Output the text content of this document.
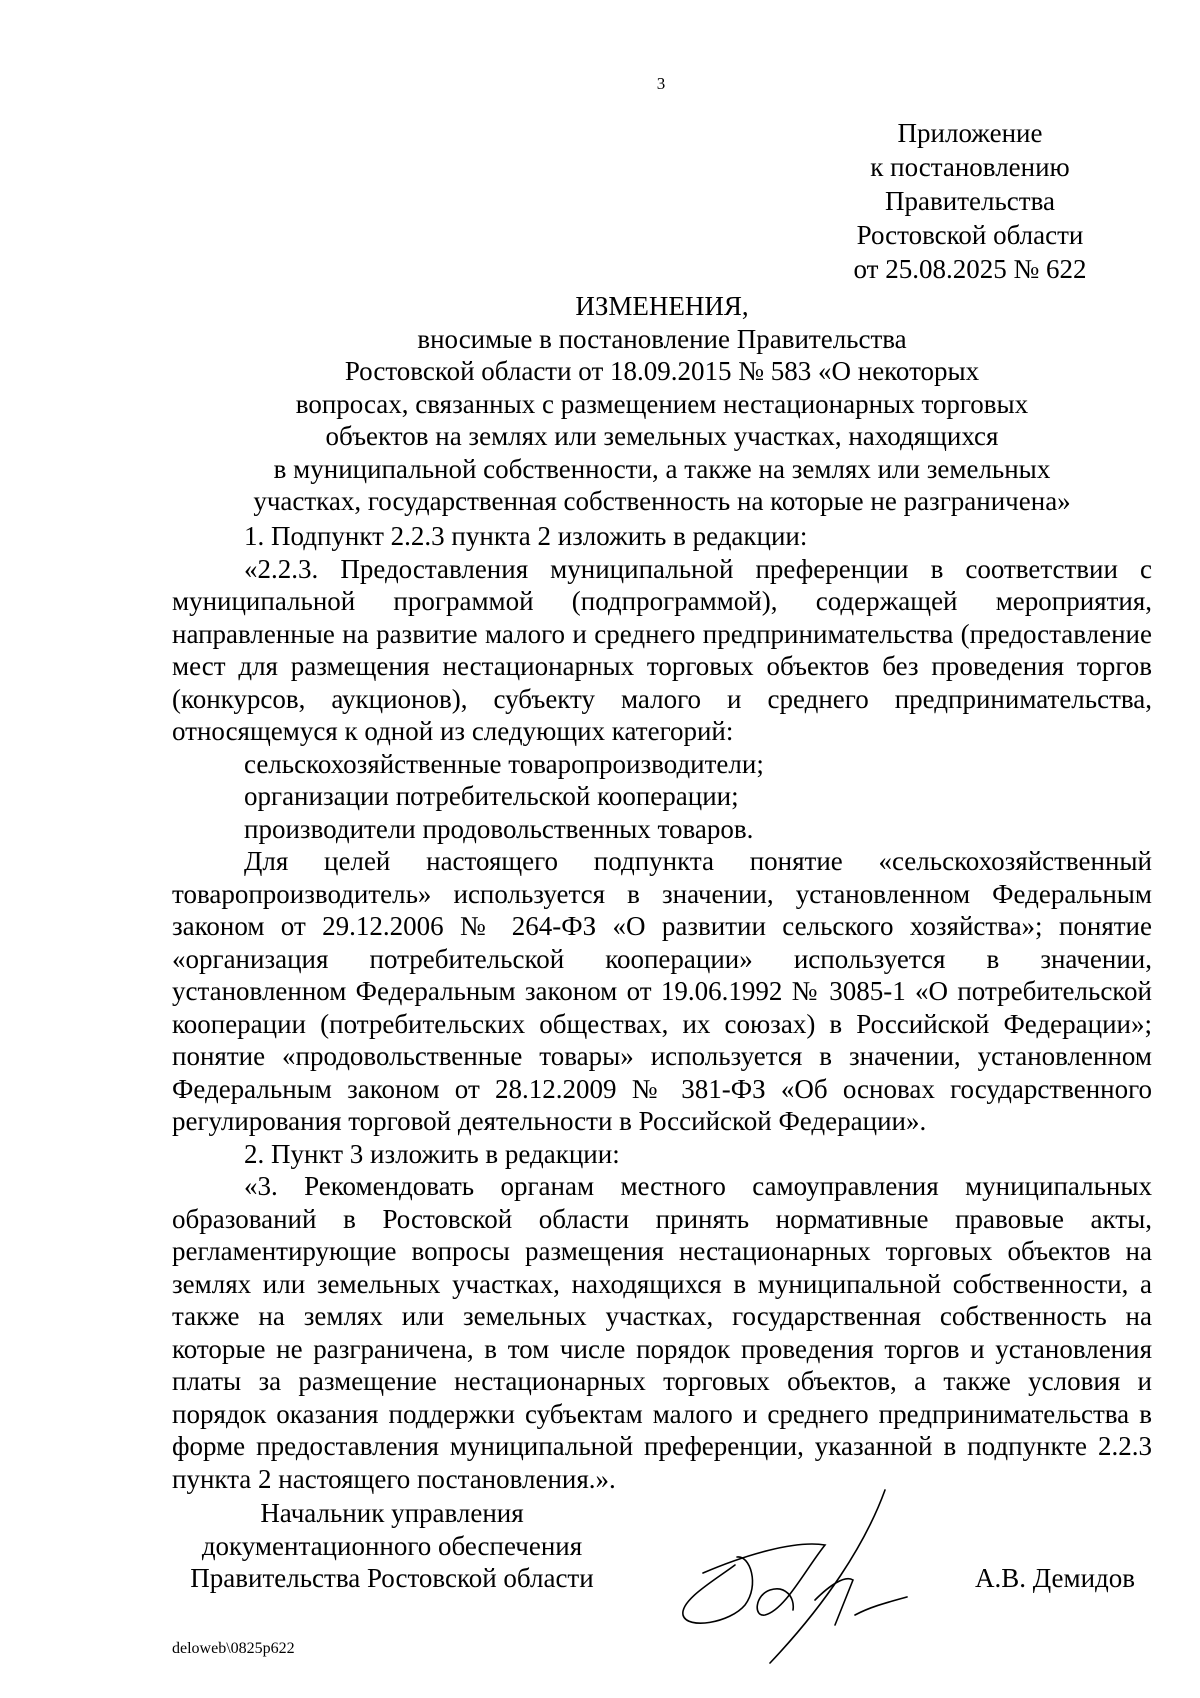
3
Приложение
к постановлению
Правительства
Ростовской области
от 25.08.2025 № 622
ИЗМЕНЕНИЯ,
вносимые в постановление Правительства
Ростовской области от 18.09.2015 № 583 «О некоторых
вопросах, связанных с размещением нестационарных торговых
объектов на землях или земельных участках, находящихся
в муниципальной собственности, а также на землях или земельных
участках, государственная собственность на которые не разграничена»

1. Подпункт 2.2.3 пункта 2 изложить в редакции:

«2.2.3. Предоставления муниципальной преференции в соответствии с муниципальной программой (подпрограммой), содержащей мероприятия, направленные на развитие малого и среднего предпринимательства (предоставление мест для размещения нестационарных торговых объектов без проведения торгов (конкурсов, аукционов), субъекту малого и среднего предпринимательства, относящемуся к одной из следующих категорий:

сельскохозяйственные товаропроизводители;

организации потребительской кооперации;

производители продовольственных товаров.

Для целей настоящего подпункта понятие «сельскохозяйственный товаропроизводитель» используется в значении, установленном Федеральным законом от 29.12.2006 № 264-ФЗ «О развитии сельского хозяйства»; понятие «организация потребительской кооперации» используется в значении, установленном Федеральным законом от 19.06.1992 № 3085-1 «О потребительской кооперации (потребительских обществах, их союзах) в Российской Федерации»; понятие «продовольственные товары» используется в значении, установленном Федеральным законом от 28.12.2009 № 381-ФЗ «Об основах государственного регулирования торговой деятельности в Российской Федерации».

2. Пункт 3 изложить в редакции:

«3. Рекомендовать органам местного самоуправления муниципальных образований в Ростовской области принять нормативные правовые акты, регламентирующие вопросы размещения нестационарных торговых объектов на землях или земельных участках, находящихся в муниципальной собственности, а также на землях или земельных участках, государственная собственность на которые не разграничена, в том числе порядок проведения торгов и установления платы за размещение нестационарных торговых объектов, а также условия и порядок оказания поддержки субъектам малого и среднего предпринимательства в форме предоставления муниципальной преференции, указанной в подпункте 2.2.3 пункта 2 настоящего постановления.».

Начальник управления
документационного обеспечения
Правительства Ростовской области	А.В. Демидов
deloweb\0825p622
